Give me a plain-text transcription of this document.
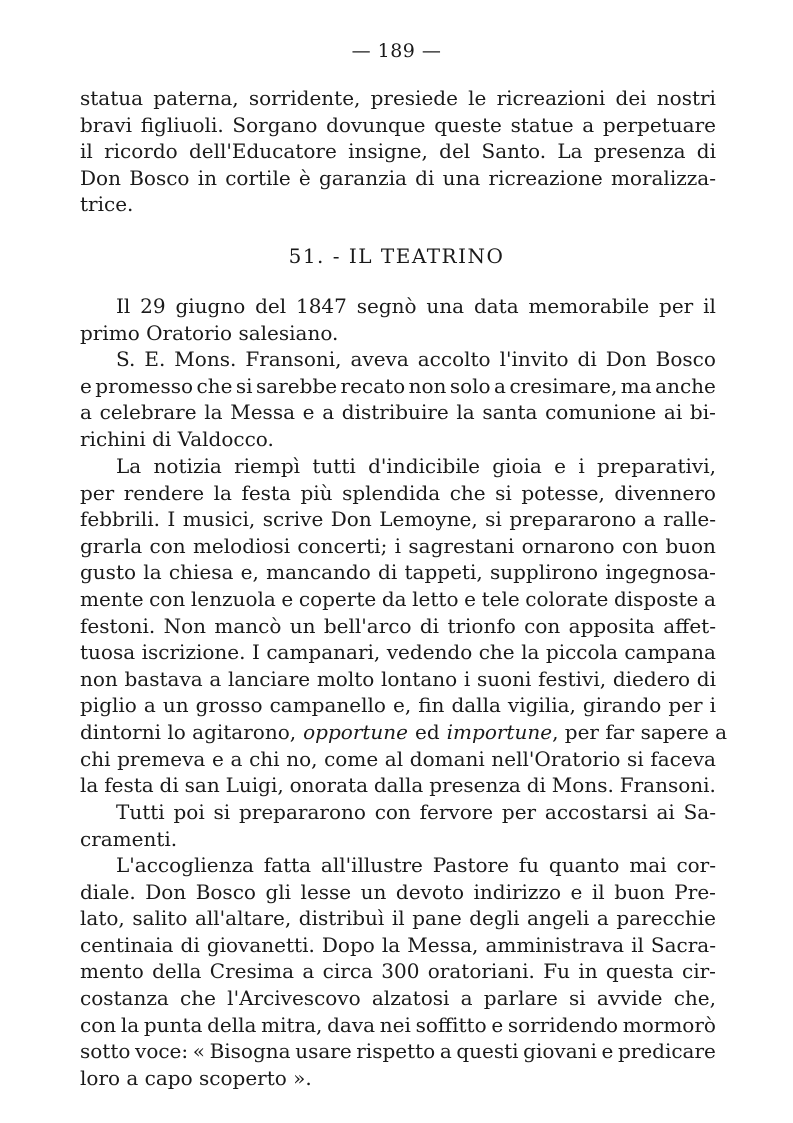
— 189 —
statua paterna, sorridente, presiede le ricreazioni dei nostri
bravi figliuoli. Sorgano dovunque queste statue a perpetuare
il ricordo dell'Educatore insigne, del Santo. La presenza di
Don Bosco in cortile è garanzia di una ricreazione moralizza-
trice.
51. - IL TEATRINO
Il 29 giugno del 1847 segnò una data memorabile per il
primo Oratorio salesiano.
S. E. Mons. Fransoni, aveva accolto l'invito di Don Bosco
e promesso che si sarebbe recato non solo a cresimare, ma anche
a celebrare la Messa e a distribuire la santa comunione ai bi-
richini di Valdocco.
La notizia riempì tutti d'indicibile gioia e i preparativi,
per rendere la festa più splendida che si potesse, divennero
febbrili. I musici, scrive Don Lemoyne, si prepararono a ralle-
grarla con melodiosi concerti; i sagrestani ornarono con buon
gusto la chiesa e, mancando di tappeti, supplirono ingegnosa-
mente con lenzuola e coperte da letto e tele colorate disposte a
festoni. Non mancò un bell'arco di trionfo con apposita affet-
tuosa iscrizione. I campanari, vedendo che la piccola campana
non bastava a lanciare molto lontano i suoni festivi, diedero di
piglio a un grosso campanello e, fin dalla vigilia, girando per i
dintorni lo agitarono, opportune ed importune , per far sapere a
chi premeva e a chi no, come al domani nell'Oratorio si faceva
la festa di san Luigi, onorata dalla presenza di Mons. Fransoni.
Tutti poi si prepararono con fervore per accostarsi ai Sa-
cramenti.
L'accoglienza fatta all'illustre Pastore fu quanto mai cor-
diale. Don Bosco gli lesse un devoto indirizzo e il buon Pre-
lato, salito all'altare, distribuì il pane degli angeli a parecchie
centinaia di giovanetti. Dopo la Messa, amministrava il Sacra-
mento della Cresima a circa 300 oratoriani. Fu in questa cir-
costanza che l'Arcivescovo alzatosi a parlare si avvide che,
con la punta della mitra, dava nei soffitto e sorridendo mormorò
sotto voce: « Bisogna usare rispetto a questi giovani e predicare
loro a capo scoperto ».
